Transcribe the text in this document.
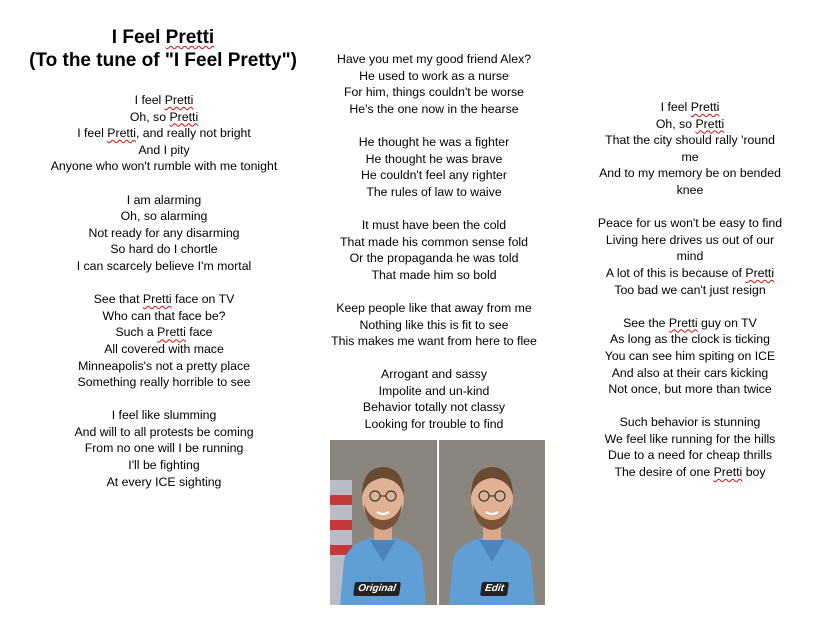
I Feel Pretti
(To the tune of "I Feel Pretty")
I feel Pretti
Oh, so Pretti
I feel Pretti, and really not bright
And I pity
Anyone who won't rumble with me tonight
I am alarming
Oh, so alarming
Not ready for any disarming
So hard do I chortle
I can scarcely believe I'm mortal
See that Pretti face on TV
Who can that face be?
Such a Pretti face
All covered with mace
Minneapolis's not a pretty place
Something really horrible to see
I feel like slumming
And will to all protests be coming
From no one will I be running
I'll be fighting
At every ICE sighting
Have you met my good friend Alex?
He used to work as a nurse
For him, things couldn't be worse
He's the one now in the hearse
He thought he was a fighter
He thought he was brave
He couldn't feel any righter
The rules of law to waive
It must have been the cold
That made his common sense fold
Or the propaganda he was told
That made him so bold
Keep people like that away from me
Nothing like this is fit to see
This makes me want from here to flee
Arrogant and sassy
Impolite and un-kind
Behavior totally not classy
Looking for trouble to find
I feel Pretti
Oh, so Pretti
That the city should rally 'round
me
And to my memory be on bended
knee
Peace for us won't be easy to find
Living here drives us out of our
mind
A lot of this is because of Pretti
Too bad we can't just resign
See the Pretti guy on TV
As long as the clock is ticking
You can see him spiting on ICE
And also at their cars kicking
Not once, but more than twice
Such behavior is stunning
We feel like running for the hills
Due to a need for cheap thrills
The desire of one Pretti boy
Original	Edit
